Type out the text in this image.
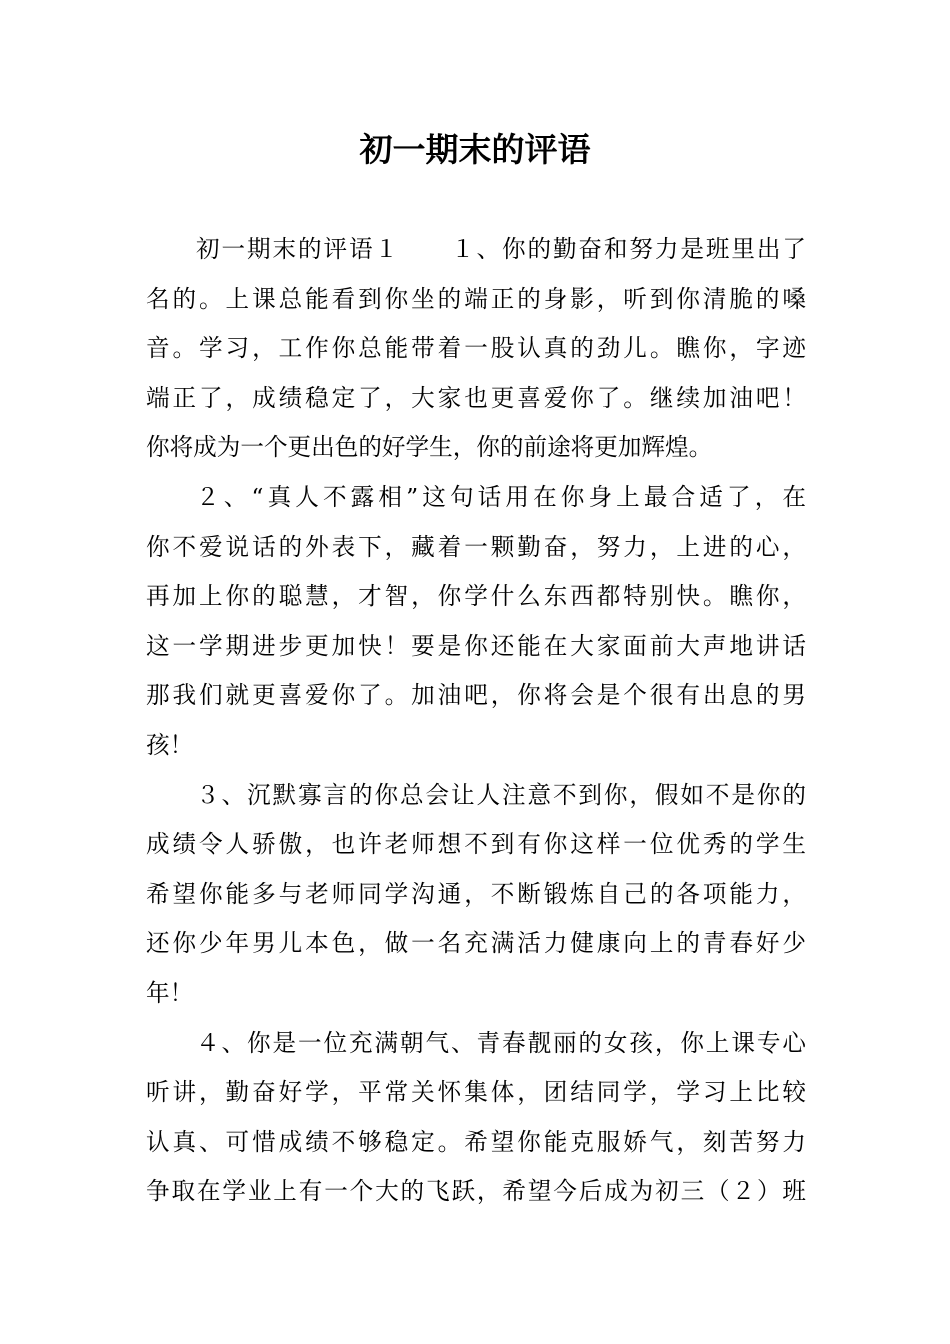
初一期末的评语
初一期末的评语１　　１、你的勤奋和努力是班里出了
名的。上课总能看到你坐的端正的身影，听到你清脆的嗓
音。学习，工作你总能带着一股认真的劲儿。瞧你，字迹
端正了，成绩稳定了，大家也更喜爱你了。继续加油吧！
你将成为一个更出色的好学生，你的前途将更加辉煌。
２、“真人不露相”这句话用在你身上最合适了，在
你不爱说话的外表下，藏着一颗勤奋，努力，上进的心，
再加上你的聪慧，才智，你学什么东西都特别快。瞧你，
这一学期进步更加快！要是你还能在大家面前大声地讲话
那我们就更喜爱你了。加油吧，你将会是个很有出息的男
孩！
３、沉默寡言的你总会让人注意不到你，假如不是你的
成绩令人骄傲，也许老师想不到有你这样一位优秀的学生
希望你能多与老师同学沟通，不断锻炼自己的各项能力，
还你少年男儿本色，做一名充满活力健康向上的青春好少
年！
４、你是一位充满朝气、青春靓丽的女孩，你上课专心
听讲，勤奋好学，平常关怀集体，团结同学，学习上比较
认真、可惜成绩不够稳定。希望你能克服娇气，刻苦努力
争取在学业上有一个大的飞跃，希望今后成为初三（２）班
